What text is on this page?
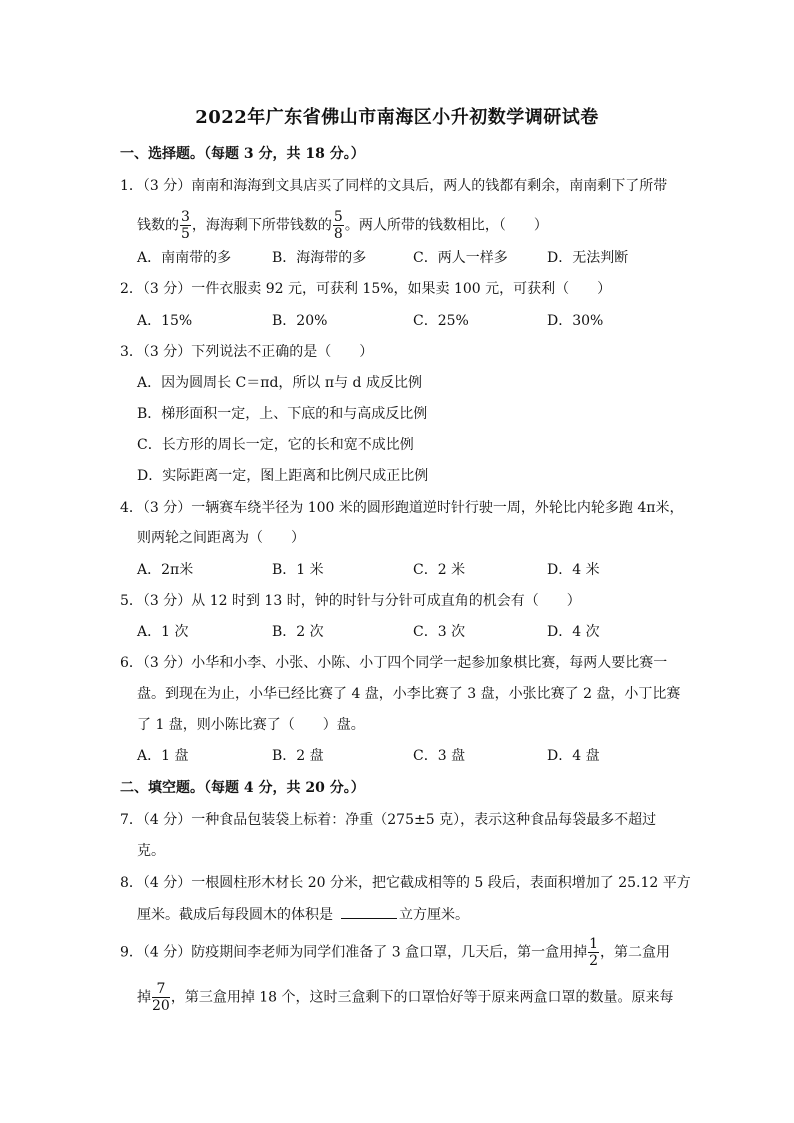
2022年广东省佛山市南海区小升初数学调研试卷
一、选择题。（每题 3 分，共 18 分。）
1．（3 分）南南和海海到文具店买了同样的文具后，两人的钱都有剩余，南南剩下了所带
钱数的 $\frac{3}{5}$ ，海海剩下所带钱数的 $\frac{5}{8}$ 。两人所带的钱数相比，（　　）
A．南南带的多	B．海海带的多	C．两人一样多	D．无法判断
2．（3 分）一件衣服卖 92 元，可获利 15%，如果卖 100 元，可获利（　　）
A．15%	B．20%	C．25%	D．30%
3．（3 分）下列说法不正确的是（　　）
A．因为圆周长 C＝πd，所以 π与 d 成反比例
B．梯形面积一定，上、下底的和与高成反比例
C．长方形的周长一定，它的长和宽不成比例
D．实际距离一定，图上距离和比例尺成正比例
4．（3 分）一辆赛车绕半径为 100 米的圆形跑道逆时针行驶一周，外轮比内轮多跑 4π米，
则两轮之间距离为（　　）
A．2π米	B．1 米	C．2 米	D．4 米
5．（3 分）从 12 时到 13 时，钟的时针与分针可成直角的机会有（　　）
A．1 次	B．2 次	C．3 次	D．4 次
6．（3 分）小华和小李、小张、小陈、小丁四个同学一起参加象棋比赛，每两人要比赛一
盘。到现在为止，小华已经比赛了 4 盘，小李比赛了 3 盘，小张比赛了 2 盘，小丁比赛
了 1 盘，则小陈比赛了（　　）盘。
A．1 盘	B．2 盘	C．3 盘	D．4 盘
二、填空题。（每题 4 分，共 20 分。）
7．（4 分）一种食品包装袋上标着：净重（275±5 克），表示这种食品每袋最多不超过
克。
8．（4 分）一根圆柱形木材长 20 分米，把它截成相等的 5 段后，表面积增加了 25.12 平方
厘米。截成后每段圆木的体积是	立方厘米。
9．（4 分）防疫期间李老师为同学们准备了 3 盒口罩，几天后，第一盒用掉 $\frac{1}{2}$ ，第二盒用
掉 $\frac{7}{20}$ ，第三盒用掉 18 个，这时三盒剩下的口罩恰好等于原来两盒口罩的数量。原来每
